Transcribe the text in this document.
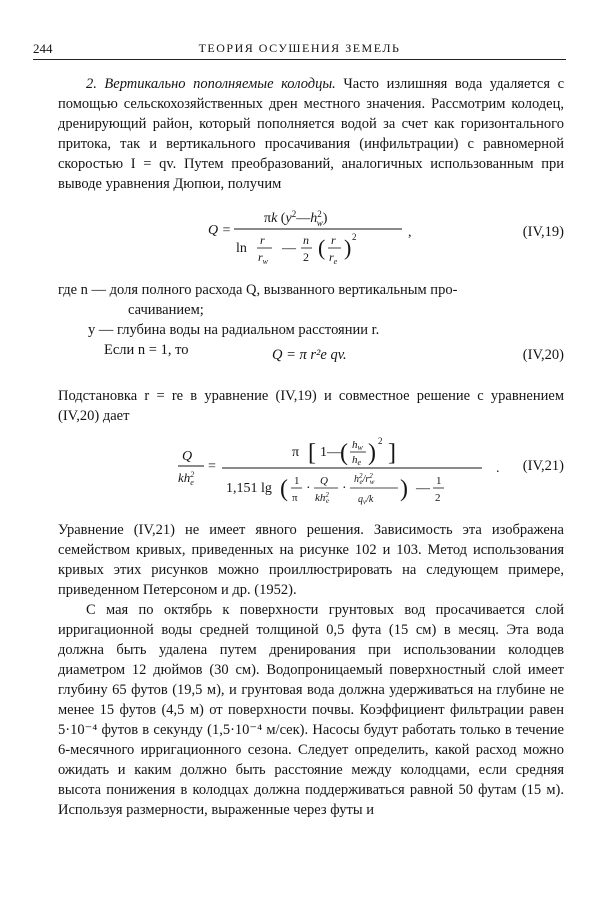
244	ТЕОРИЯ ОСУШЕНИЯ ЗЕМЕЛЬ

2. Вертикально пополняемые колодцы. Часто излишняя вода удаляется с помощью сельскохозяйственных дрен местного значения. Рассмотрим колодец, дренирующий район, который пополняется водой за счет как горизонтального притока, так и вертикального просачивания (инфильтрации) с равномерной скоростью I = qv. Путем преобразований, аналогичных использованным при выводе уравнения Дюпюи, получим

Q =
πk ($y^2—h^2$ w)
ln
r
$r_w$
—
n
2 ( r
$r_e$
) 2	,	(IV,19)
где n — доля полного расхода Q, вызванного вертикальным про-
сачиванием;
y — глубина воды на радиальном расстоянии r.
Если n = 1, то	Q = π r²e qv.	(IV,20)

Подстановка r = re в уравнение (IV,19) и совместное решение с уравнением (IV,20) дает

Q
$kh^2$ e
=
π [ 1— ( hw
he ) 2 ]
1,151 lg ( 1
π
· Q
$kh^2$ e
·
$h^2$ $e/r^2$ w
$q_v/k$ ) — 1
2
. (IV,21)

Уравнение (IV,21) не имеет явного решения. Зависимость эта изображена семейством кривых, приведенных на рисунке 102 и 103. Метод использования кривых этих рисунков можно проиллюстрировать на следующем примере, приведенном Петерсоном и др. (1952).

С мая по октябрь к поверхности грунтовых вод просачивается слой ирригационной воды средней толщиной 0,5 фута (15 см) в месяц. Эта вода должна быть удалена путем дренирования при использовании колодцев диаметром 12 дюймов (30 см). Водопроницаемый поверхностный слой имеет глубину 65 футов (19,5 м), и грунтовая вода должна удерживаться на глубине не менее 15 футов (4,5 м) от поверхности почвы. Коэффициент фильтрации равен 5·10⁻⁴ футов в секунду (1,5·10⁻⁴ м/сек). Насосы будут работать только в течение 6-месячного ирригационного сезона. Следует определить, какой расход можно ожидать и каким должно быть расстояние между колодцами, если средняя высота понижения в колодцах должна поддерживаться равной 50 футам (15 м). Используя размерности, выраженные через футы и
